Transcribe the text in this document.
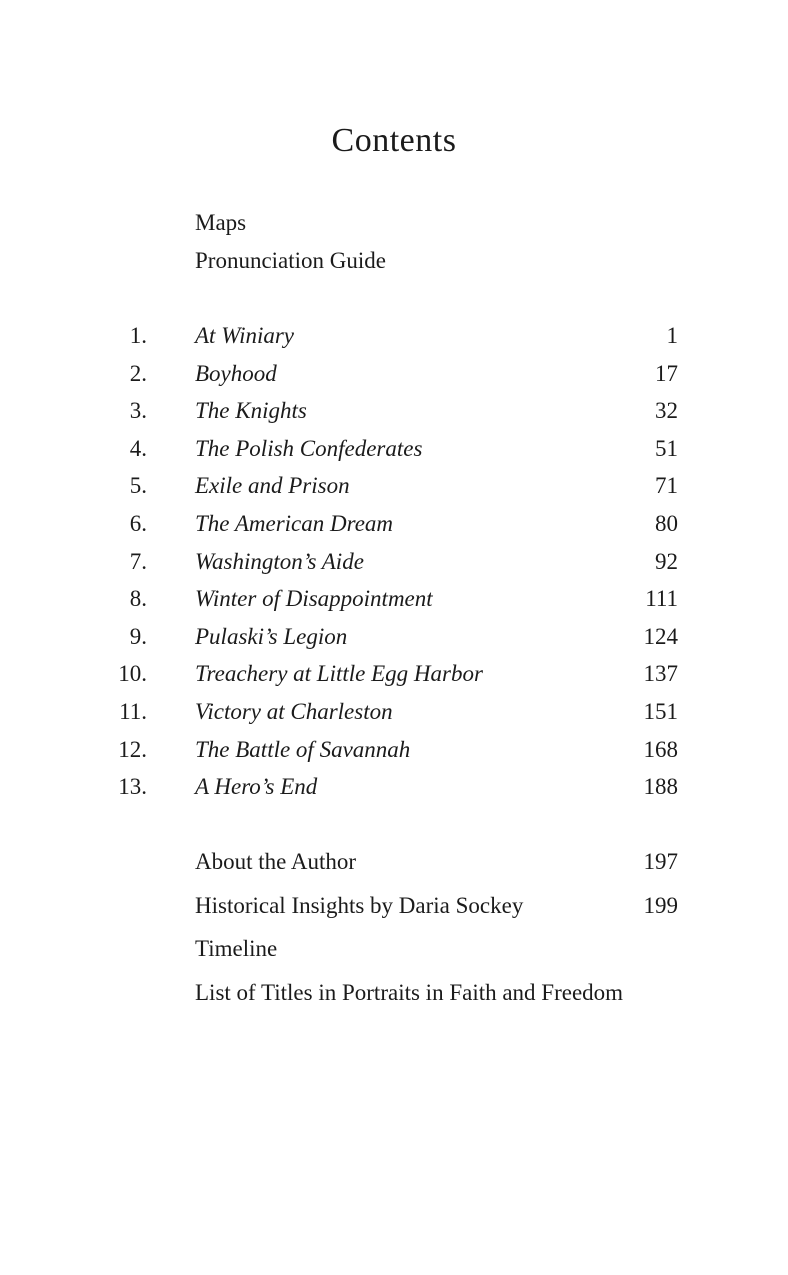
Contents
Maps
Pronunciation Guide
1. At Winiary	1
2. Boyhood	17
3. The Knights	32
4. The Polish Confederates	51
5. Exile and Prison	71
6. The American Dream	80
7. Washington’s Aide	92
8. Winter of Disappointment	111
9. Pulaski’s Legion	124
10. Treachery at Little Egg Harbor	137
11. Victory at Charleston	151
12. The Battle of Savannah	168
13. A Hero’s End	188
About the Author	197
Historical Insights by Daria Sockey	199
Timeline
List of Titles in Portraits in Faith and Freedom
